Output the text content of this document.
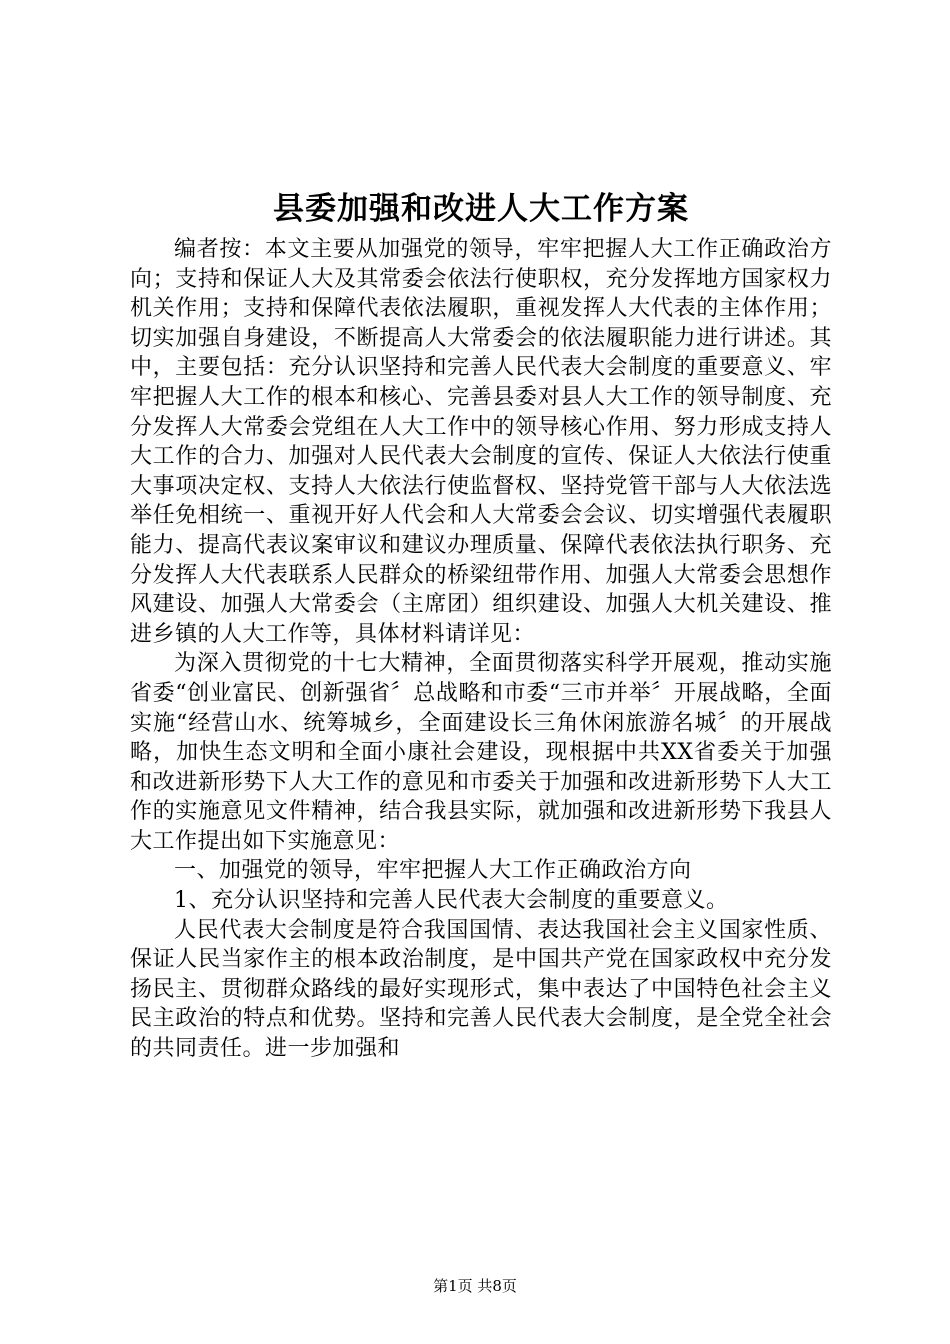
县委加强和改进人大工作方案

编者按：本文主要从加强党的领导，牢牢把握人大工作正确政治方向；支持和保证人大及其常委会依法行使职权，充分发挥地方国家权力机关作用；支持和保障代表依法履职，重视发挥人大代表的主体作用；切实加强自身建设，不断提高人大常委会的依法履职能力进行讲述。其中，主要包括：充分认识坚持和完善人民代表大会制度的重要意义、牢牢把握人大工作的根本和核心、完善县委对县人大工作的领导制度、充分发挥人大常委会党组在人大工作中的领导核心作用、努力形成支持人大工作的合力、加强对人民代表大会制度的宣传、保证人大依法行使重大事项决定权、支持人大依法行使监督权、坚持党管干部与人大依法选举任免相统一、重视开好人代会和人大常委会会议、切实增强代表履职能力、提高代表议案审议和建议办理质量、保障代表依法执行职务、充分发挥人大代表联系人民群众的桥梁纽带作用、加强人大常委会思想作风建设、加强人大常委会（主席团）组织建设、加强人大机关建设、推进乡镇的人大工作等，具体材料请详见：

为深入贯彻党的十七大精神，全面贯彻落实科学开展观，推动实施省委“创业富民、创新强省〞总战略和市委“三市并举〞开展战略，全面实施“经营山水、统筹城乡，全面建设长三角休闲旅游名城〞的开展战略，加快生态文明和全面小康社会建设，现根据中共XX省委关于加强和改进新形势下人大工作的意见和市委关于加强和改进新形势下人大工作的实施意见文件精神，结合我县实际，就加强和改进新形势下我县人大工作提出如下实施意见：

一、加强党的领导，牢牢把握人大工作正确政治方向

1、充分认识坚持和完善人民代表大会制度的重要意义。

人民代表大会制度是符合我国国情、表达我国社会主义国家性质、保证人民当家作主的根本政治制度，是中国共产党在国家政权中充分发扬民主、贯彻群众路线的最好实现形式，集中表达了中国特色社会主义民主政治的特点和优势。坚持和完善人民代表大会制度，是全党全社会的共同责任。进一步加强和

第1页 共8页
